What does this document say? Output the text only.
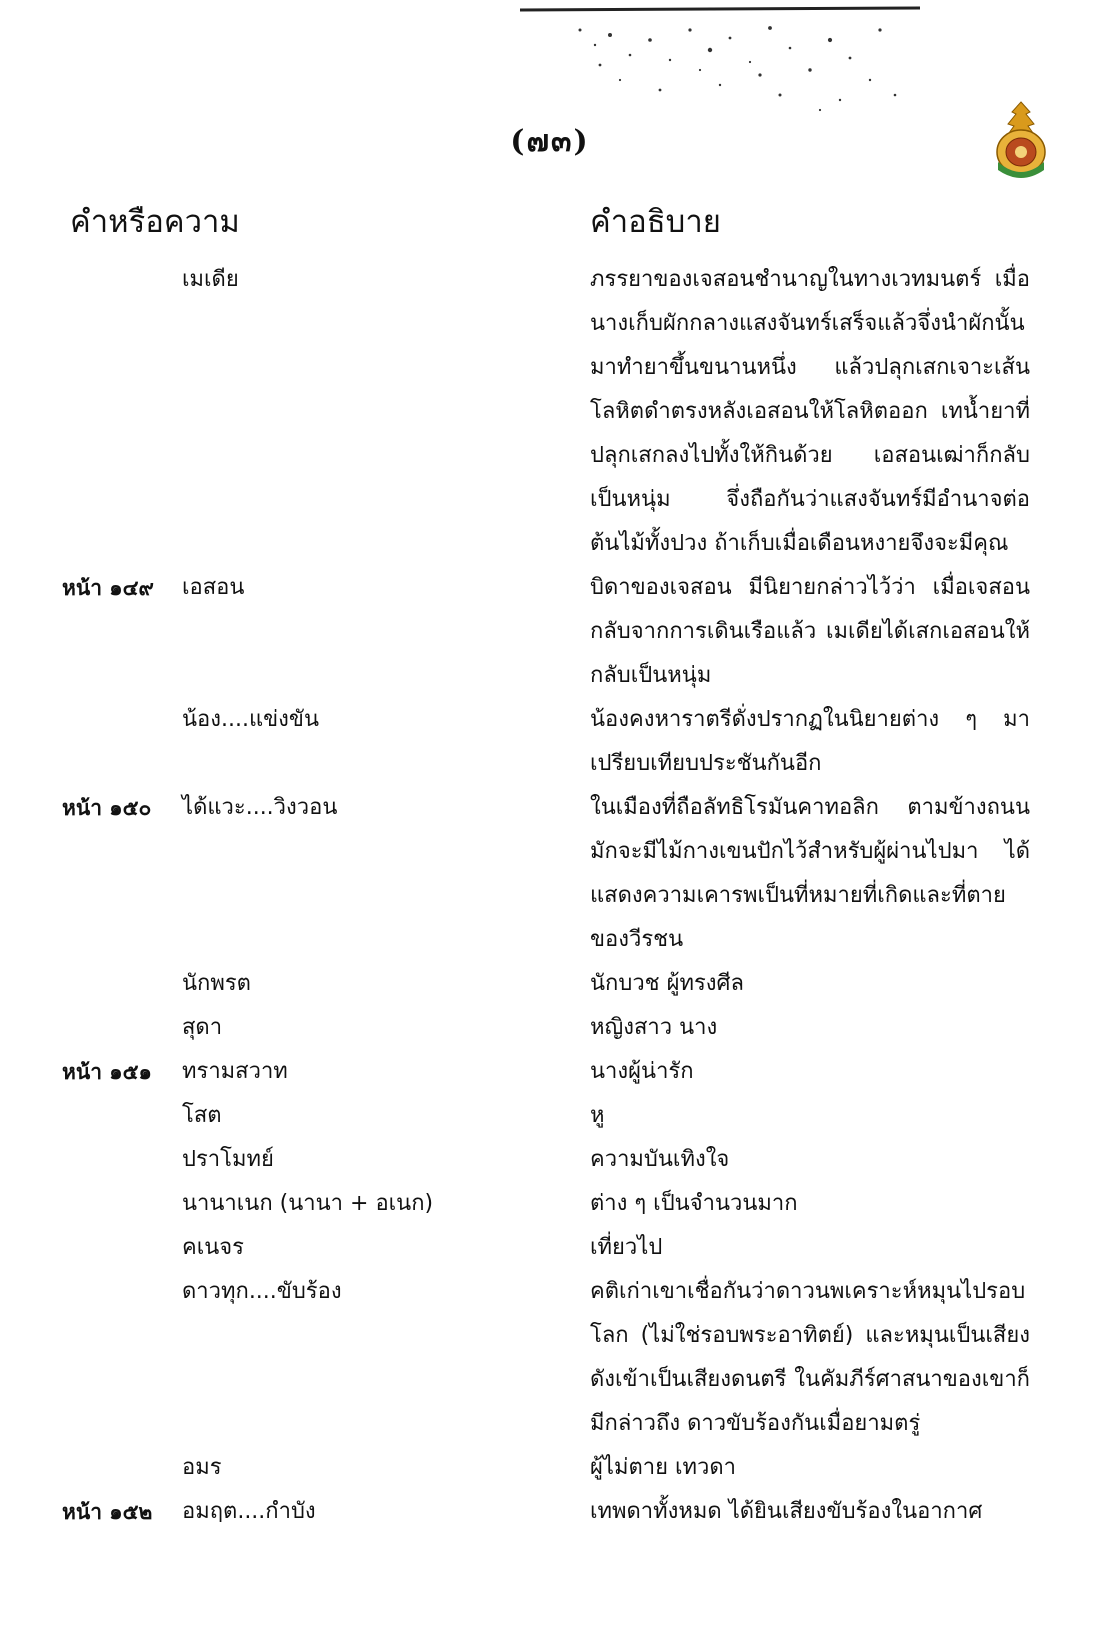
(๗๓)
คำหรือความ	คำอธิบาย
เมเดีย	ภรรยาของเจสอนชำนาญในทางเวทมนตร์ เมื่อนางเก็บผักกลางแสงจันทร์เสร็จแล้วจึ่งนำผักนั้นมาทำยาขึ้นขนานหนึ่ง แล้วปลุกเสกเจาะเส้นโลหิตดำตรงหลังเอสอนให้โลหิตออก เทน้ำยาที่ปลุกเสกลงไปทั้งให้กินด้วย เอสอนเฒ่าก็กลับเป็นหนุ่ม จึ่งถือกันว่าแสงจันทร์มีอำนาจต่อต้นไม้ทั้งปวง ถ้าเก็บเมื่อเดือนหงายจึงจะมีคุณ
หน้า ๑๔๙	เอสอน	บิดาของเจสอน มีนิยายกล่าวไว้ว่า เมื่อเจสอนกลับจากการเดินเรือแล้ว เมเดียได้เสกเอสอนให้กลับเป็นหนุ่ม
น้อง....แข่งขัน	น้องคงหาราตรีดั่งปรากฏในนิยายต่าง ๆ มาเปรียบเทียบประชันกันอีก
หน้า ๑๕๐	ได้แวะ....วิงวอน	ในเมืองที่ถือลัทธิโรมันคาทอลิก ตามข้างถนนมักจะมีไม้กางเขนปักไว้สำหรับผู้ผ่านไปมา ได้แสดงความเคารพเป็นที่หมายที่เกิดและที่ตายของวีรชน
นักพรต	นักบวช ผู้ทรงศีล
สุดา	หญิงสาว นาง
หน้า ๑๕๑	ทรามสวาท	นางผู้น่ารัก
โสต	หู
ปราโมทย์	ความบันเทิงใจ
นานาเนก (นานา + อเนก)	ต่าง ๆ เป็นจำนวนมาก
คเนจร	เที่ยวไป
ดาวทุก....ขับร้อง	คติเก่าเขาเชื่อกันว่าดาวนพเคราะห์หมุนไปรอบโลก (ไม่ใช่รอบพระอาทิตย์) และหมุนเป็นเสียงดังเข้าเป็นเสียงดนตรี ในคัมภีร์ศาสนาของเขาก็มีกล่าวถึง ดาวขับร้องกันเมื่อยามตรู่
อมร	ผู้ไม่ตาย เทวดา
หน้า ๑๕๒	อมฤต....กำบัง	เทพดาทั้งหมด ได้ยินเสียงขับร้องในอากาศ
